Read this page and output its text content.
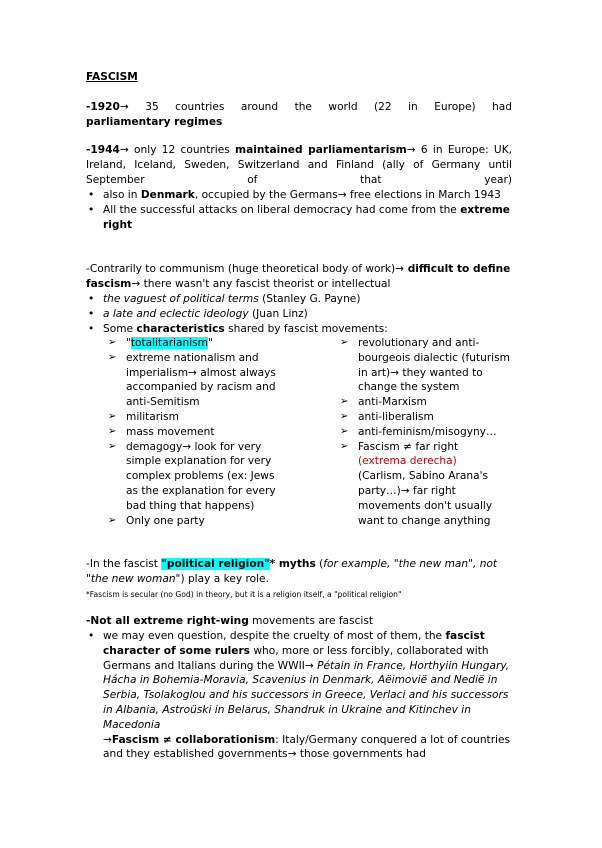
FASCISM
-1920→ 35 countries around the world (22 in Europe) had
parliamentary regimes
-1944→ only 12 countries maintained parliamentarism→ 6 in Europe: UK, Ireland, Iceland, Sweden, Switzerland and Finland (ally of Germany until September of that year)
• also in Denmark, occupied by the Germans→ free elections in March 1943
• All the successful attacks on liberal democracy had come from the extreme right
-Contrarily to communism (huge theoretical body of work)→ difficult to define fascism→ there wasn't any fascist theorist or intellectual
• the vaguest of political terms (Stanley G. Payne)
• a late and eclectic ideology (Juan Linz)
• Some characteristics shared by fascist movements:
➢ "totalitarianism"
➢ extreme nationalism and imperialism→ almost always accompanied by racism and anti-Semitism
➢ militarism
➢ mass movement
➢ demagogy→ look for very simple explanation for very complex problems (ex: Jews as the explanation for every bad thing that happens)
➢ Only one party
➢ revolutionary and anti-bourgeois dialectic (futurism in art)→ they wanted to change the system
➢ anti-Marxism
➢ anti-liberalism
➢ anti-feminism/misogyny…
➢ Fascism ≠ far right
(extrema derecha)
(Carlism, Sabino Arana's party…)→ far right movements don't usually want to change anything
-In the fascist "political religion"* myths (for example, "the new man", not "the new woman") play a key role.
*Fascism is secular (no God) in theory, but it is a religion itself, a "political religion"
-Not all extreme right-wing movements are fascist
• we may even question, despite the cruelty of most of them, the fascist character of some rulers who, more or less forcibly, collaborated with Germans and Italians during the WWII→ Pétain in France, Horthyiin Hungary, Hácha in Bohemia-Moravia, Scavenius in Denmark, Aëimovië and Nedië in Serbia, Tsolakoglou and his successors in Greece, Verlaci and his successors in Albania, Astroüski in Belarus, Shandruk in Ukraine and Kitinchev in Macedonia
→Fascism ≠ collaborationism: Italy/Germany conquered a lot of countries and they established governments→ those governments had
